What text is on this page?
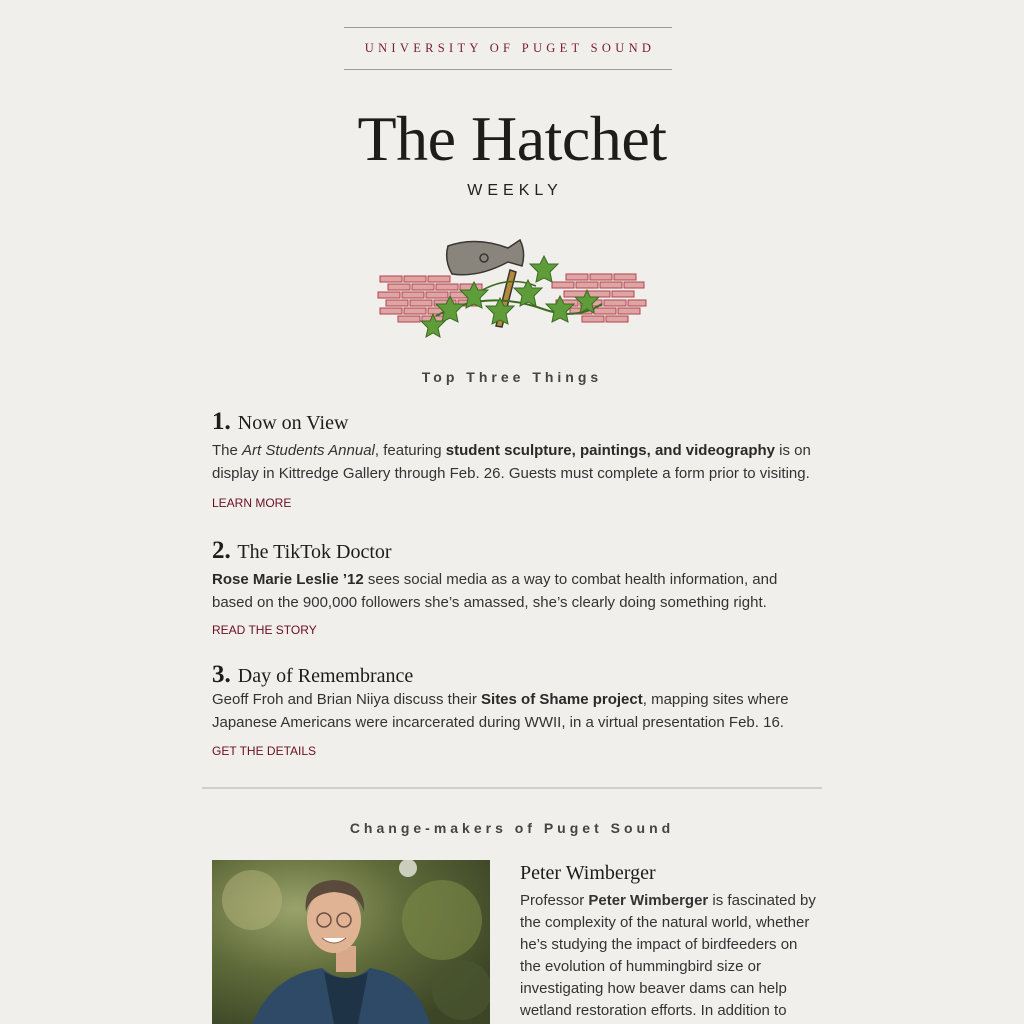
UNIVERSITY OF PUGET SOUND
The Hatchet
WEEKLY
Top Three Things
1. Now on View
The Art Students Annual, featuring student sculpture, paintings, and videography is on display in Kittredge Gallery through Feb. 26. Guests must complete a form prior to visiting.
LEARN MORE
2. The TikTok Doctor
Rose Marie Leslie ’12 sees social media as a way to combat health information, and based on the 900,000 followers she’s amassed, she’s clearly doing something right.
READ THE STORY
3. Day of Remembrance
Geoff Froh and Brian Niiya discuss their Sites of Shame project, mapping sites where Japanese Americans were incarcerated during WWII, in a virtual presentation Feb. 16.
GET THE DETAILS
Change-makers of Puget Sound
Peter Wimberger
Professor Peter Wimberger is fascinated by the complexity of the natural world, whether he’s studying the impact of birdfeeders on the evolution of hummingbird size or investigating how beaver dams can help wetland restoration efforts. In addition to
